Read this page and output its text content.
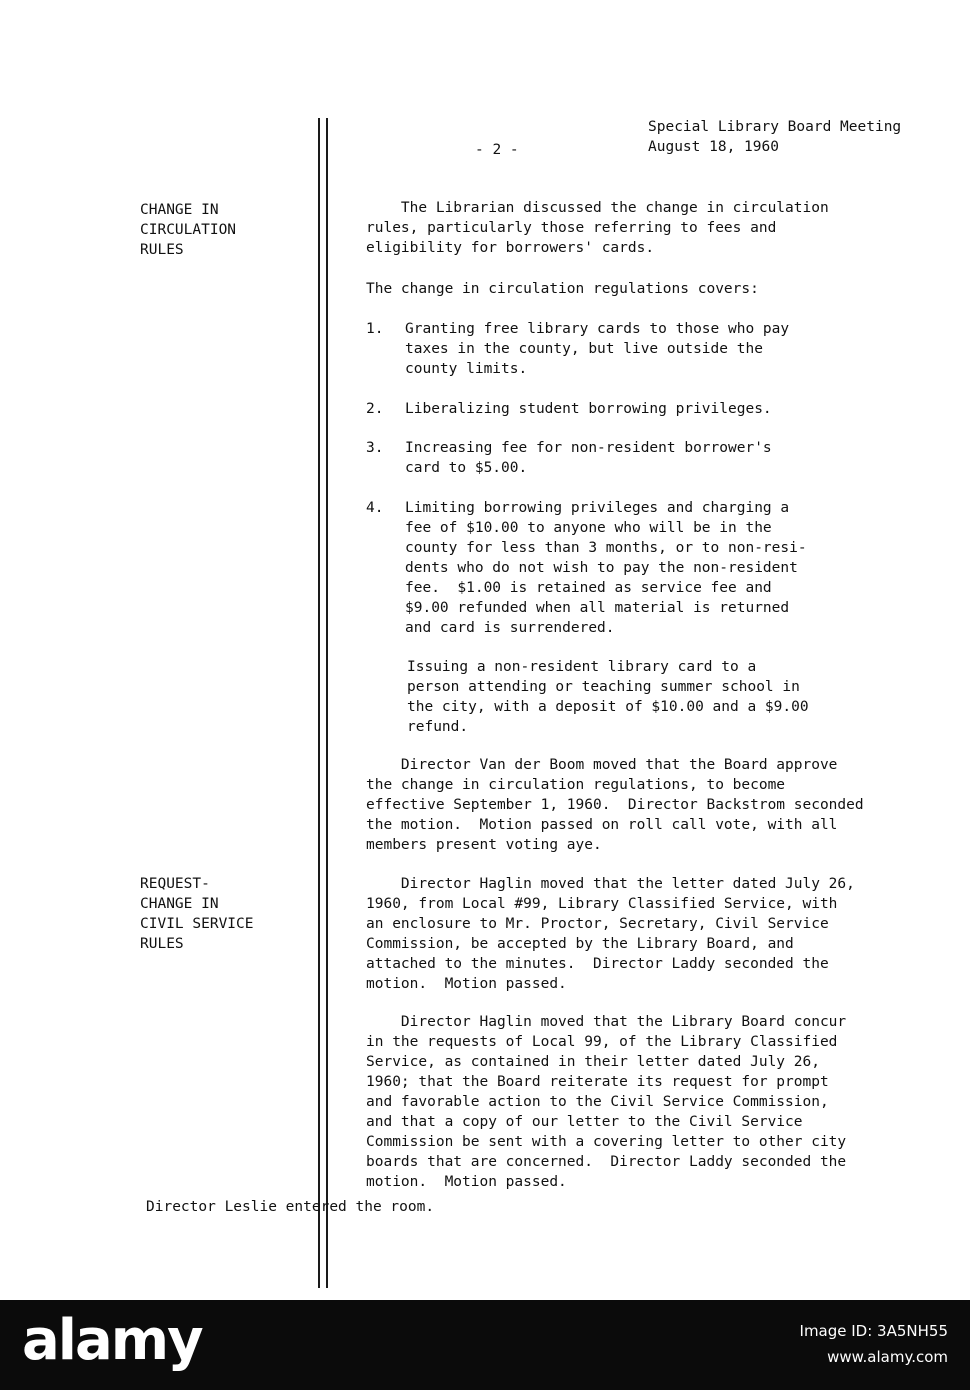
Special Library Board Meeting
August 18, 1960
- 2 -
CHANGE IN
CIRCULATION
RULES
REQUEST-
CHANGE IN
CIVIL SERVICE
RULES
The Librarian discussed the change in circulation
rules, particularly those referring to fees and
eligibility for borrowers' cards.
The change in circulation regulations covers:
1. Granting free library cards to those who pay
taxes in the county, but live outside the
county limits.
2. Liberalizing student borrowing privileges.
3. Increasing fee for non-resident borrower's
card to $5.00.
4. Limiting borrowing privileges and charging a
fee of $10.00 to anyone who will be in the
county for less than 3 months, or to non-resi-
dents who do not wish to pay the non-resident
fee.  $1.00 is retained as service fee and
$9.00 refunded when all material is returned
and card is surrendered.
Issuing a non-resident library card to a
person attending or teaching summer school in
the city, with a deposit of $10.00 and a $9.00
refund.
Director Van der Boom moved that the Board approve
the change in circulation regulations, to become
effective September 1, 1960.  Director Backstrom seconded
the motion.  Motion passed on roll call vote, with all
members present voting aye.
Director Haglin moved that the letter dated July 26,
1960, from Local #99, Library Classified Service, with
an enclosure to Mr. Proctor, Secretary, Civil Service
Commission, be accepted by the Library Board, and
attached to the minutes.  Director Laddy seconded the
motion.  Motion passed.
Director Haglin moved that the Library Board concur
in the requests of Local 99, of the Library Classified
Service, as contained in their letter dated July 26,
1960; that the Board reiterate its request for prompt
and favorable action to the Civil Service Commission,
and that a copy of our letter to the Civil Service
Commission be sent with a covering letter to other city
boards that are concerned.  Director Laddy seconded the
motion.  Motion passed.
Director Leslie entered the room.
alamy	Image ID: 3A5NH55
www.alamy.com
